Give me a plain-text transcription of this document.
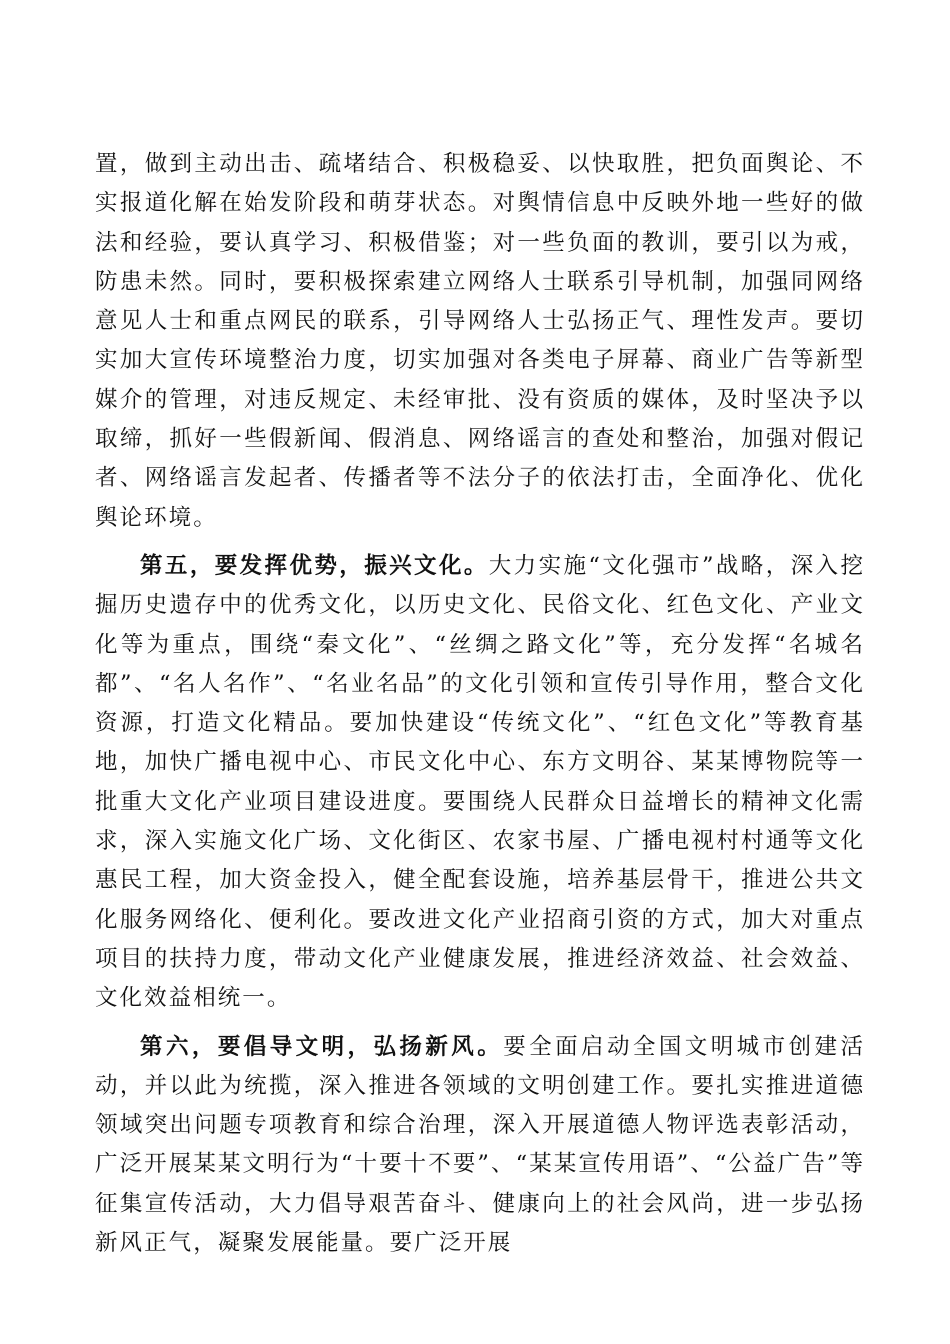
置，做到主动出击、疏堵结合、积极稳妥、以快取胜，把负面舆论、不实报道化解在始发阶段和萌芽状态。对舆情信息中反映外地一些好的做法和经验，要认真学习、积极借鉴；对一些负面的教训，要引以为戒，防患未然。同时，要积极探索建立网络人士联系引导机制，加强同网络意见人士和重点网民的联系，引导网络人士弘扬正气、理性发声。要切实加大宣传环境整治力度，切实加强对各类电子屏幕、商业广告等新型媒介的管理，对违反规定、未经审批、没有资质的媒体，及时坚决予以取缔，抓好一些假新闻、假消息、网络谣言的查处和整治，加强对假记者、网络谣言发起者、传播者等不法分子的依法打击，全面净化、优化舆论环境。

第五，要发挥优势，振兴文化。大力实施“文化强市”战略，深入挖掘历史遗存中的优秀文化，以历史文化、民俗文化、红色文化、产业文化等为重点，围绕“秦文化”、“丝绸之路文化”等，充分发挥“名城名都”、“名人名作”、“名业名品”的文化引领和宣传引导作用，整合文化资源，打造文化精品。要加快建设“传统文化”、“红色文化”等教育基地，加快广播电视中心、市民文化中心、东方文明谷、某某博物院等一批重大文化产业项目建设进度。要围绕人民群众日益增长的精神文化需求，深入实施文化广场、文化街区、农家书屋、广播电视村村通等文化惠民工程，加大资金投入，健全配套设施，培养基层骨干，推进公共文化服务网络化、便利化。要改进文化产业招商引资的方式，加大对重点项目的扶持力度，带动文化产业健康发展，推进经济效益、社会效益、文化效益相统一。

第六，要倡导文明，弘扬新风。要全面启动全国文明城市创建活动，并以此为统揽，深入推进各领域的文明创建工作。要扎实推进道德领域突出问题专项教育和综合治理，深入开展道德人物评选表彰活动，广泛开展某某文明行为“十要十不要”、“某某宣传用语”、“公益广告”等征集宣传活动，大力倡导艰苦奋斗、健康向上的社会风尚，进一步弘扬新风正气，凝聚发展能量。要广泛开展
